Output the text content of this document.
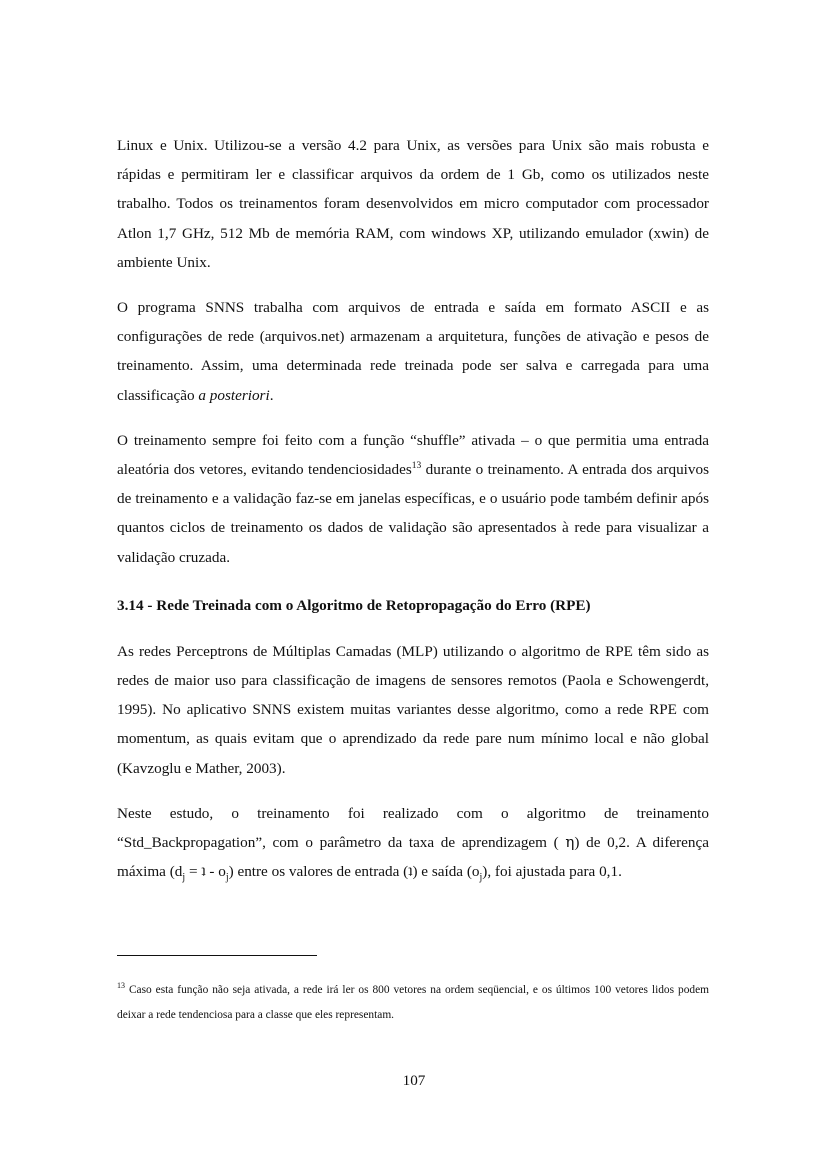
Linux e Unix. Utilizou-se a versão 4.2 para Unix, as versões para Unix são mais robusta e rápidas e permitiram ler e classificar arquivos da ordem de 1 Gb, como os utilizados neste trabalho. Todos os treinamentos foram desenvolvidos em micro computador com processador Atlon 1,7 GHz, 512 Mb de memória RAM, com windows XP, utilizando emulador (xwin) de ambiente Unix.

O programa SNNS trabalha com arquivos de entrada e saída em formato ASCII e as configurações de rede (arquivos.net) armazenam a arquitetura, funções de ativação e pesos de treinamento. Assim, uma determinada rede treinada pode ser salva e carregada para uma classificação a posteriori.

O treinamento sempre foi feito com a função “shuffle” ativada – o que permitia uma entrada aleatória dos vetores, evitando tendenciosidades$^{13}$ durante o treinamento. A entrada dos arquivos de treinamento e a validação faz-se em janelas específicas, e o usuário pode também definir após quantos ciclos de treinamento os dados de validação são apresentados à rede para visualizar a validação cruzada.

3.14 - Rede Treinada com o Algoritmo de Retopropagação do Erro (RPE)

As redes Perceptrons de Múltiplas Camadas (MLP) utilizando o algoritmo de RPE têm sido as redes de maior uso para classificação de imagens de sensores remotos (Paola e Schowengerdt, 1995). No aplicativo SNNS existem muitas variantes desse algoritmo, como a rede RPE com momentum, as quais evitam que o aprendizado da rede pare num mínimo local e não global (Kavzoglu e Mather, 2003).

Neste estudo, o treinamento foi realizado com o algoritmo de treinamento “Std_Backpropagation”, com o parâmetro da taxa de aprendizagem ( η) de 0,2. A diferença máxima ($d_j$ = ʇ - $o_j$) entre os valores de entrada (ʇ) e saída $(o_j)$, foi ajustada para 0,1.

$^{13}$ Caso esta função não seja ativada, a rede irá ler os 800 vetores na ordem seqüencial, e os últimos 100 vetores lidos podem deixar a rede tendenciosa para a classe que eles representam.

107
